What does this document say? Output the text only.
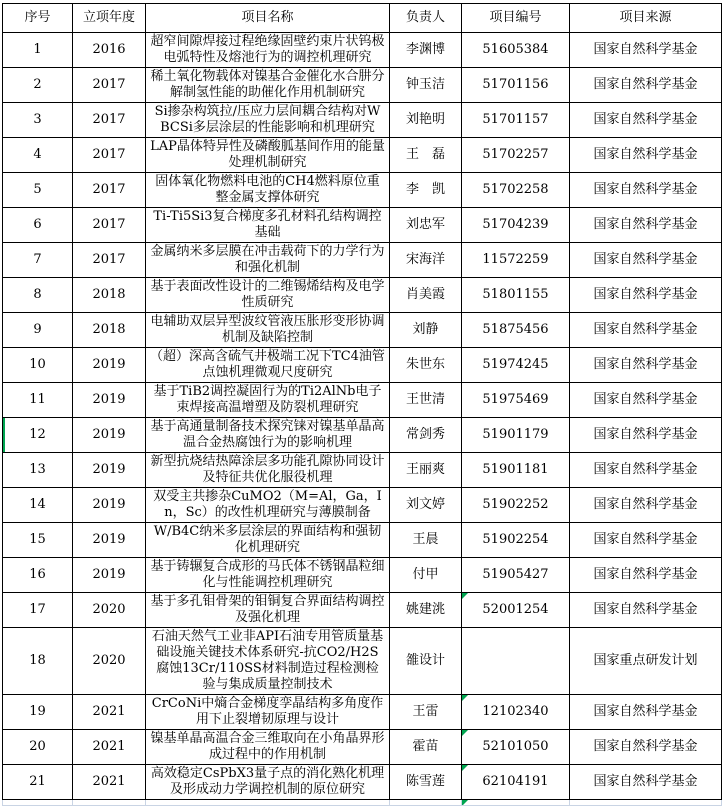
序号	立项年度	项目名称	负责人	项目编号	项目来源
1	2016	超窄间隙焊接过程绝缘固壁约束片状钨极电弧特性及熔池行为的调控机理研究	李渊博	51605384	国家自然科学基金
2	2017	稀土氧化物载体对镍基合金催化水合肼分解制氢性能的助催化作用机制研究	钟玉洁	51701156	国家自然科学基金
3	2017	Si掺杂构筑拉/压应力层间耦合结构对WBCSi多层涂层的性能影响和机理研究	刘艳明	51701157	国家自然科学基金
4	2017	LAP晶体特异性及磷酸胍基间作用的能量处理机制研究	王　磊	51702257	国家自然科学基金
5	2017	固体氧化物燃料电池的CH4燃料原位重整金属支撑体研究	李　凯	51702258	国家自然科学基金
6	2017	Ti-Ti5Si3复合梯度多孔材料孔结构调控基础	刘忠军	51704239	国家自然科学基金
7	2017	金属纳米多层膜在冲击载荷下的力学行为和强化机制	宋海洋	11572259	国家自然科学基金
8	2018	基于表面改性设计的二维锡烯结构及电学性质研究	肖美霞	51801155	国家自然科学基金
9	2018	电辅助双层异型波纹管液压胀形变形协调机制及缺陷控制	刘静	51875456	国家自然科学基金
10	2019	（超）深高含硫气井极端工况下TC4油管点蚀机理微观尺度研究	朱世东	51974245	国家自然科学基金
11	2019	基于TiB2调控凝固行为的Ti2AlNb电子束焊接高温增塑及防裂机理研究	王世清	51975469	国家自然科学基金
12	2019	基于高通量制备技术探究铼对镍基单晶高温合金热腐蚀行为的影响机理	常剑秀	51901179	国家自然科学基金
13	2019	新型抗烧结热障涂层多功能孔隙协同设计及特征共优化服役机理	王丽爽	51901181	国家自然科学基金
14	2019	双受主共掺杂CuMO2（M=Al，Ga，In，Sc）的改性机理研究与薄膜制备	刘文婷	51902252	国家自然科学基金
15	2019	W/B4C纳米多层涂层的界面结构和强韧化机理研究	王晨	51902254	国家自然科学基金
16	2019	基于铸辗复合成形的马氏体不锈钢晶粒细化与性能调控机理研究	付甲	51905427	国家自然科学基金
17	2020	基于多孔钼骨架的钼铜复合界面结构调控及强化机理	姚建洮	52001254	国家自然科学基金
18	2020	石油天然气工业非API石油专用管质量基础设施关键技术体系研究-抗CO2/H2S腐蚀13Cr/110SS材料制造过程检测检验与集成质量控制技术	雒设计		国家重点研发计划
19	2021	CrCoNi中熵合金梯度孪晶结构多角度作用下止裂增韧原理与设计	王雷	12102340	国家自然科学基金
20	2021	镍基单晶高温合金三维取向在小角晶界形成过程中的作用机制	霍苗	52101050	国家自然科学基金
21	2021	高效稳定CsPbX3量子点的消化熟化机理及形成动力学调控机制的原位研究	陈雪莲	62104191	国家自然科学基金
